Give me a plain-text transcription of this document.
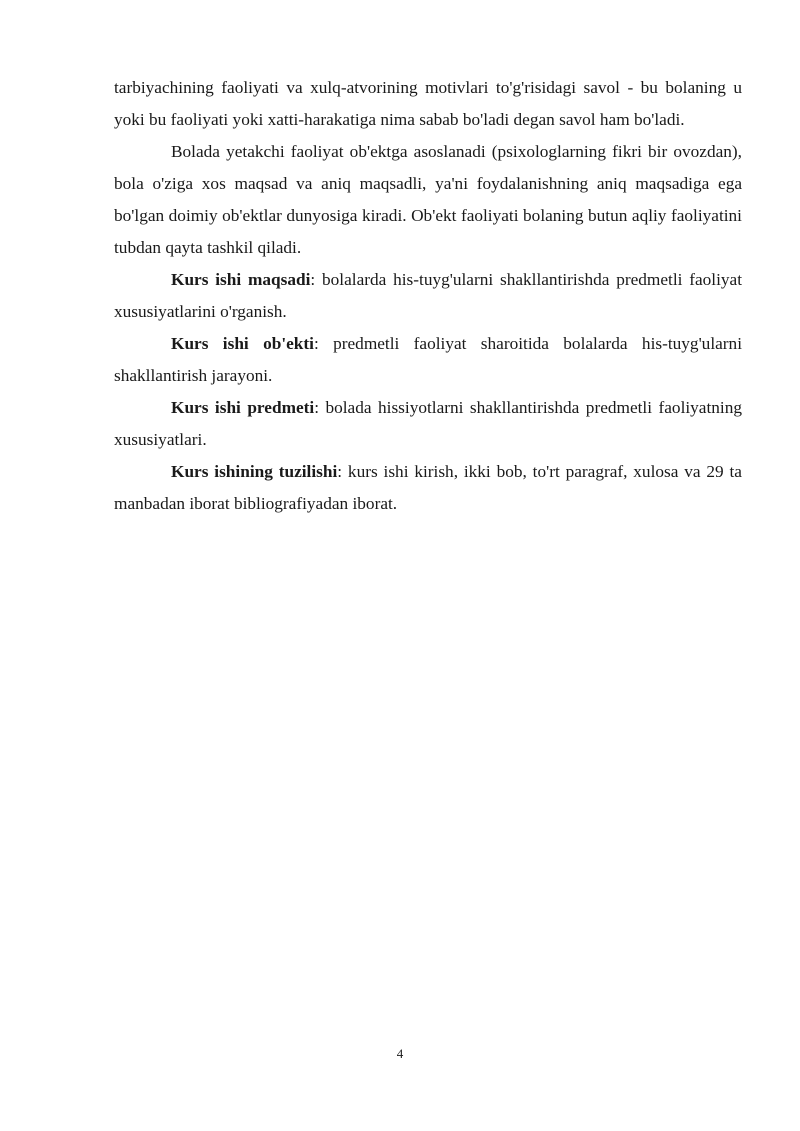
tarbiyachining faoliyati va xulq-atvorining motivlari to'g'risidagi savol - bu bolaning u yoki bu faoliyati yoki xatti-harakatiga nima sabab bo'ladi degan savol ham bo'ladi.

Bolada yetakchi faoliyat ob'ektga asoslanadi (psixologlarning fikri bir ovozdan), bola o'ziga xos maqsad va aniq maqsadli, ya'ni foydalanishning aniq maqsadiga ega bo'lgan doimiy ob'ektlar dunyosiga kiradi. Ob'ekt faoliyati bolaning butun aqliy faoliyatini tubdan qayta tashkil qiladi.

Kurs ishi maqsadi: bolalarda his-tuyg'ularni shakllantirishda predmetli faoliyat xususiyatlarini o'rganish.

Kurs ishi ob'ekti: predmetli faoliyat sharoitida bolalarda his-tuyg'ularni shakllantirish jarayoni.

Kurs ishi predmeti: bolada hissiyotlarni shakllantirishda predmetli faoliyatning xususiyatlari.

Kurs ishining tuzilishi: kurs ishi kirish, ikki bob, to'rt paragraf, xulosa va 29 ta manbadan iborat bibliografiyadan iborat.

4
